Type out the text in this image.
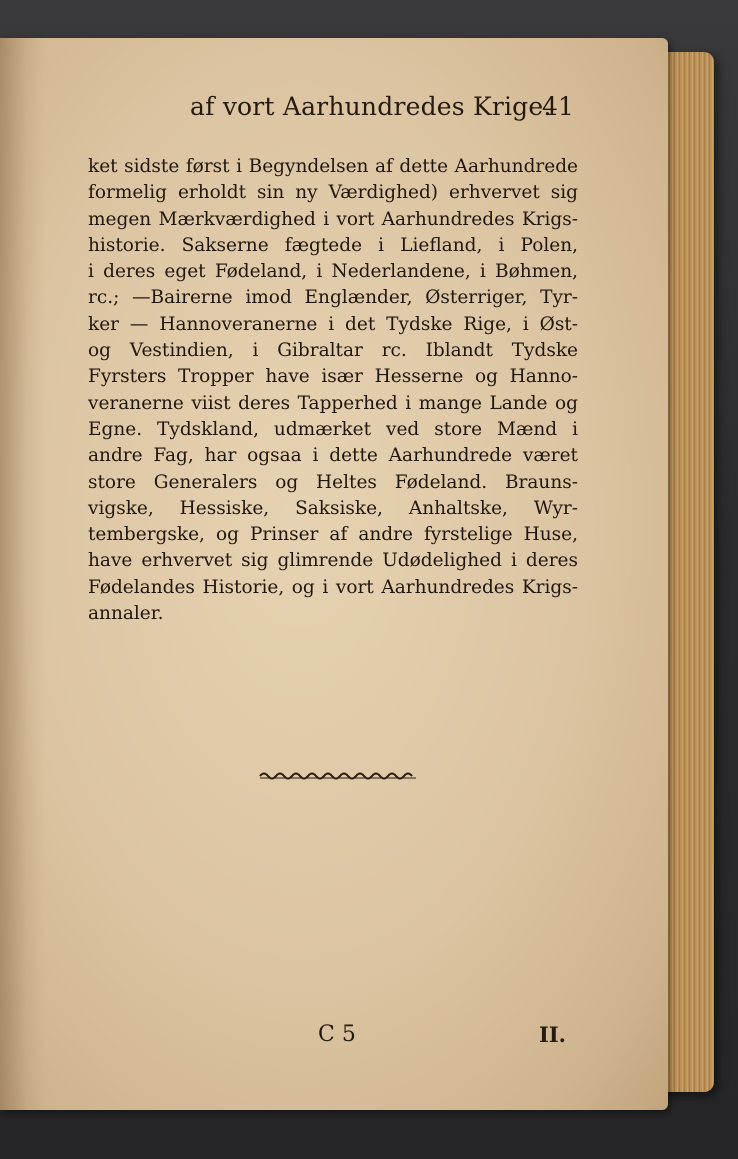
af vort Aarhundredes Krige.
41
ket sidste først i Begyndelsen af dette Aarhundrede
formelig erholdt sin ny Værdighed) erhvervet sig
megen Mærkværdighed i vort Aarhundredes Krigs-
historie. Sakserne fægtede i Liefland, i Polen,
i deres eget Fødeland, i Nederlandene, i Bøhmen,
rc.; —Bairerne imod Englænder, Østerriger, Tyr-
ker — Hannoveranerne i det Tydske Rige, i Øst-
og Vestindien, i Gibraltar rc. Iblandt Tydske
Fyrsters Tropper have især Hesserne og Hanno-
veranerne viist deres Tapperhed i mange Lande og
Egne. Tydskland, udmærket ved store Mænd i
andre Fag, har ogsaa i dette Aarhundrede været
store Generalers og Heltes Fødeland. Brauns-
vigske, Hessiske, Saksiske, Anhaltske, Wyr-
tembergske, og Prinser af andre fyrstelige Huse,
have erhvervet sig glimrende Udødelighed i deres
Fødelandes Historie, og i vort Aarhundredes Krigs-
annaler.
C 5	II.
